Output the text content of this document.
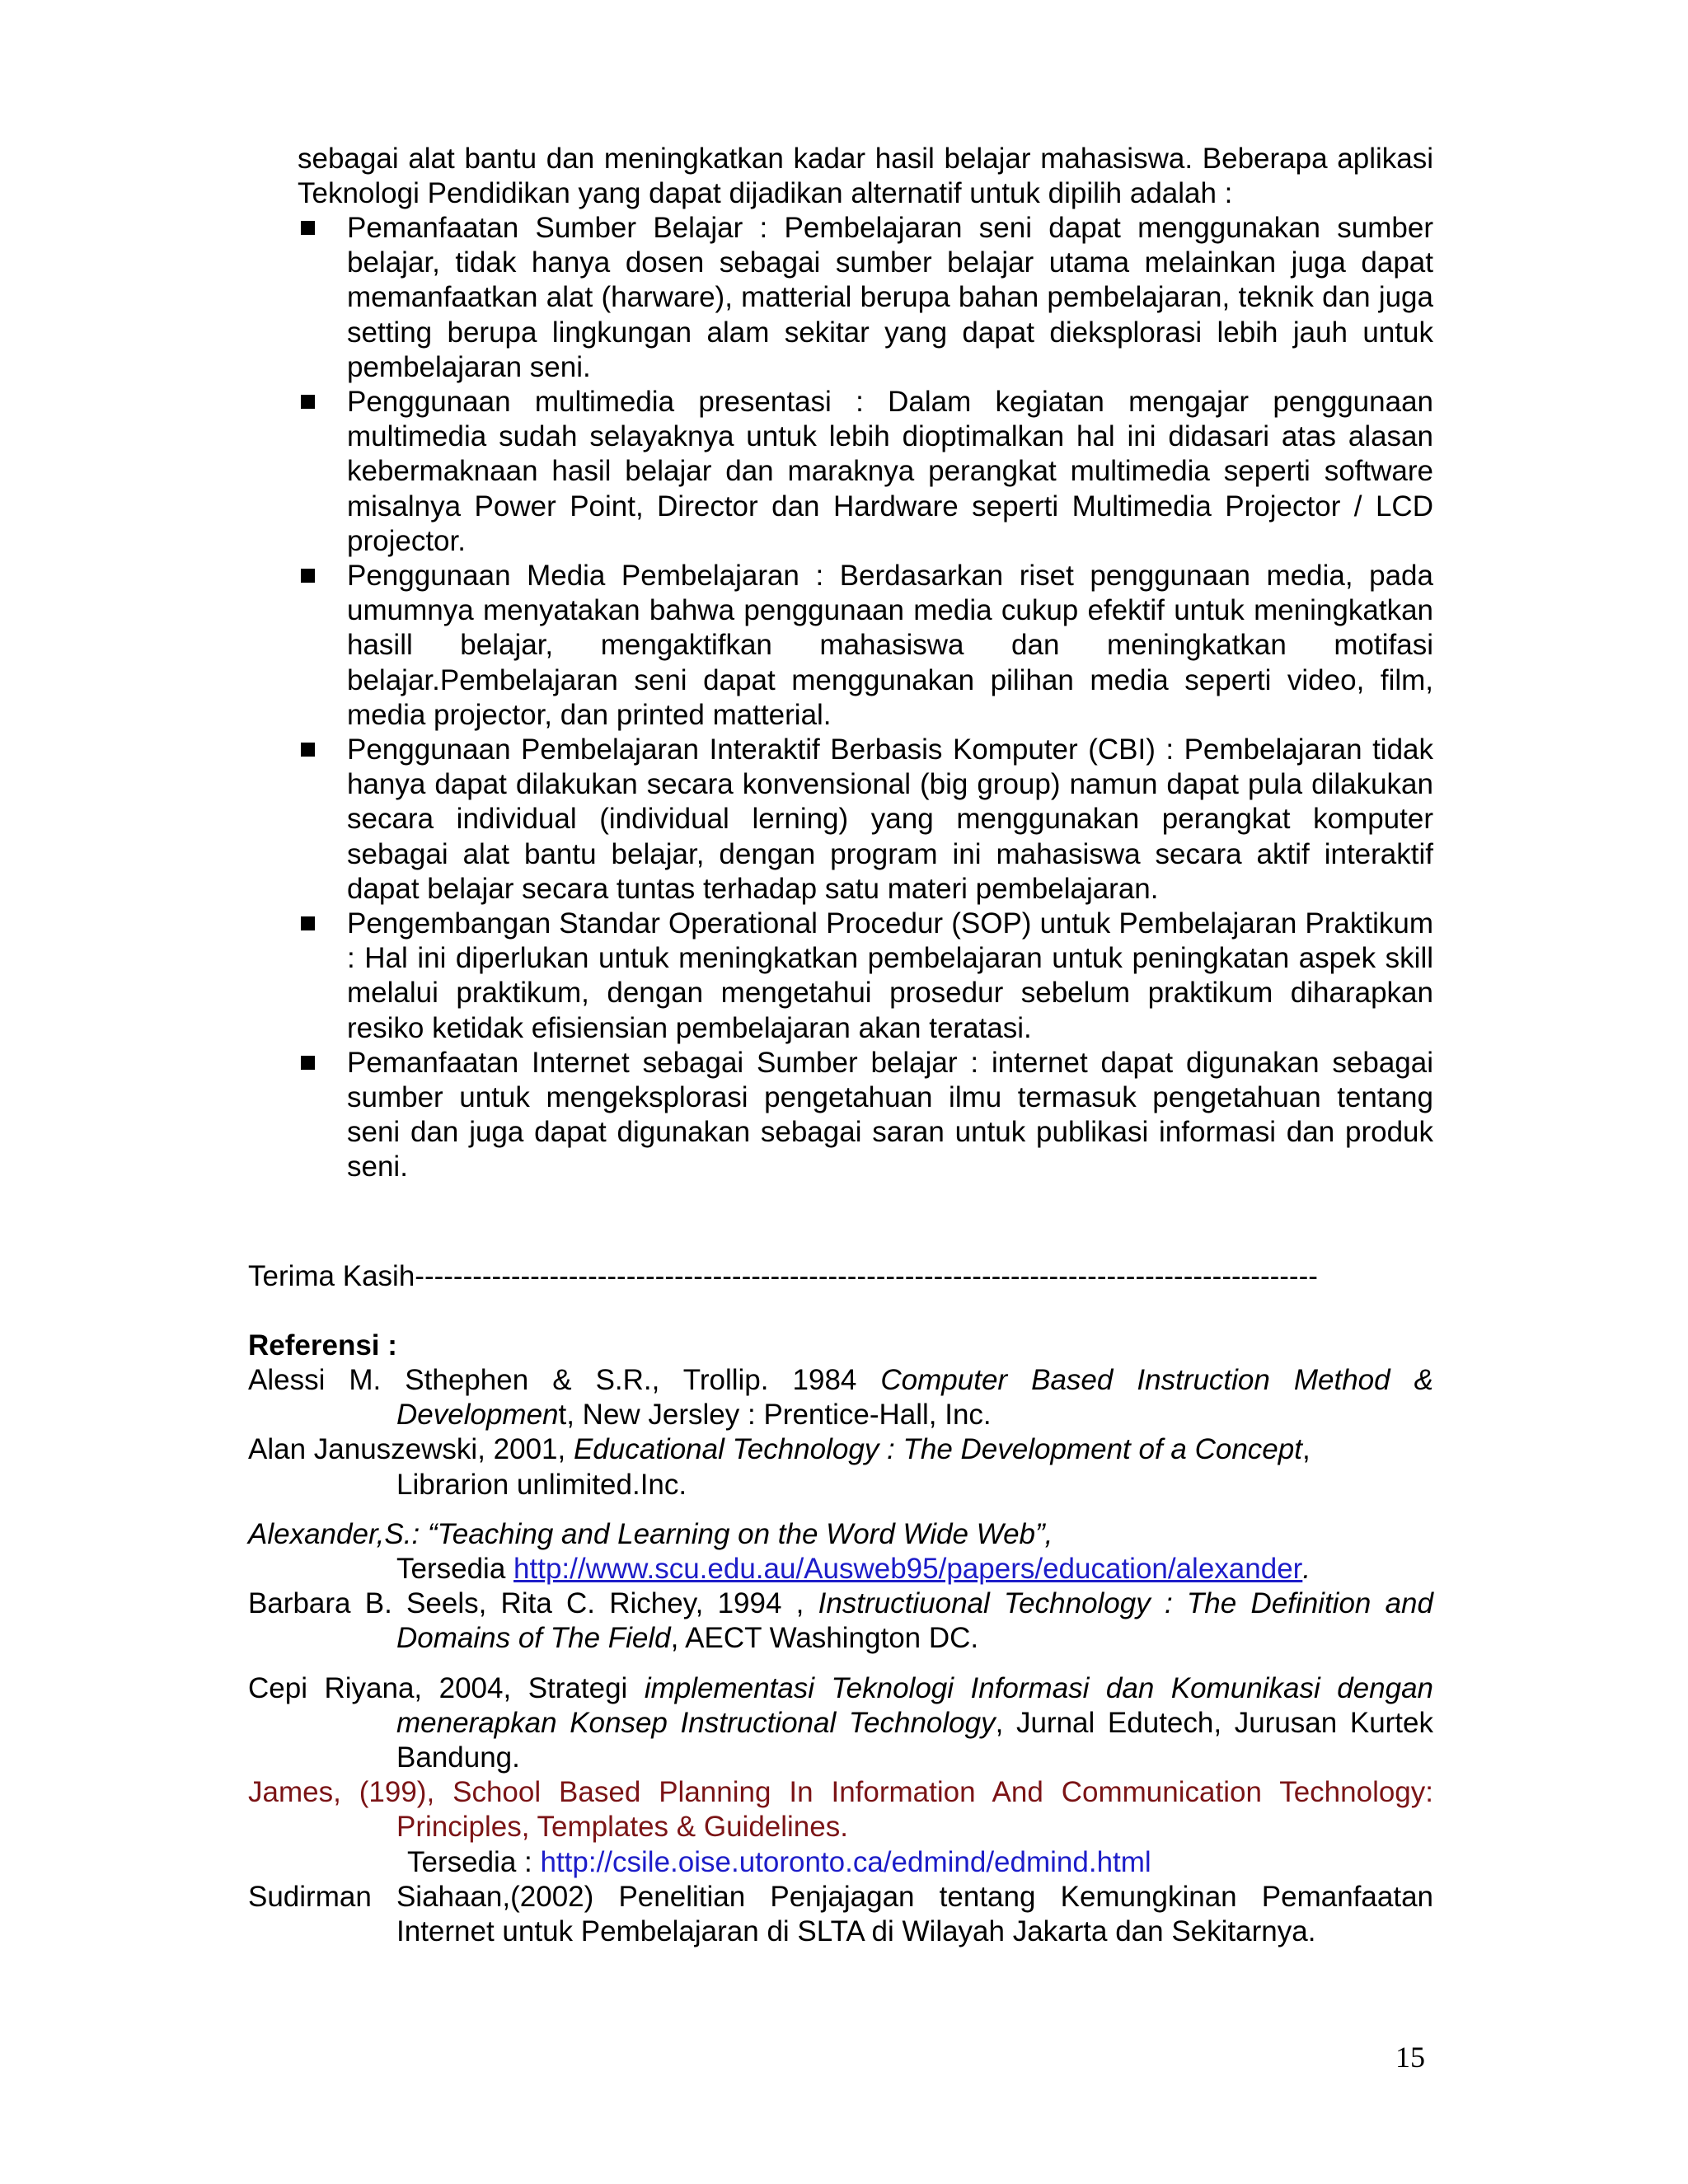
sebagai alat bantu dan meningkatkan kadar hasil belajar mahasiswa. Beberapa aplikasi Teknologi Pendidikan yang dapat dijadikan alternatif untuk dipilih adalah :

Pemanfaatan Sumber Belajar : Pembelajaran seni dapat menggunakan sumber belajar, tidak hanya dosen sebagai sumber belajar utama melainkan juga dapat memanfaatkan alat (harware), matterial berupa bahan pembelajaran, teknik dan juga setting berupa lingkungan alam sekitar yang dapat dieksplorasi lebih jauh untuk pembelajaran seni.
Penggunaan multimedia presentasi : Dalam kegiatan mengajar penggunaan multimedia sudah selayaknya untuk lebih dioptimalkan hal ini didasari atas alasan kebermaknaan hasil belajar dan maraknya perangkat multimedia seperti software misalnya Power Point, Director dan Hardware seperti Multimedia Projector / LCD projector.
Penggunaan Media Pembelajaran : Berdasarkan riset penggunaan media, pada umumnya menyatakan bahwa penggunaan media cukup efektif untuk meningkatkan hasill belajar, mengaktifkan mahasiswa dan meningkatkan motifasi belajar.Pembelajaran seni dapat menggunakan pilihan media seperti video, film, media projector, dan printed matterial.
Penggunaan Pembelajaran Interaktif Berbasis Komputer (CBI) : Pembelajaran tidak hanya dapat dilakukan secara konvensional (big group) namun dapat pula dilakukan secara individual (individual lerning) yang menggunakan perangkat komputer sebagai alat bantu belajar, dengan program ini mahasiswa secara aktif interaktif dapat belajar secara tuntas terhadap satu materi pembelajaran.
Pengembangan Standar Operational Procedur (SOP) untuk Pembelajaran Praktikum : Hal ini diperlukan untuk meningkatkan pembelajaran untuk peningkatan aspek skill melalui praktikum, dengan mengetahui prosedur sebelum praktikum diharapkan resiko ketidak efisiensian pembelajaran akan teratasi.
Pemanfaatan Internet sebagai Sumber belajar : internet dapat digunakan sebagai sumber untuk mengeksplorasi pengetahuan ilmu termasuk pengetahuan tentang seni dan juga dapat digunakan sebagai saran untuk publikasi informasi dan produk seni.
Terima Kasih----------------------------------------------------------------------------------------------
Referensi :
Alessi M. Sthephen & S.R., Trollip. 1984 Computer Based Instruction Method & Development, New Jersley : Prentice-Hall, Inc.
Alan Januszewski, 2001, Educational Technology : The Development of a Concept,
Librarion unlimited.Inc.
Alexander,S.: “Teaching and Learning on the Word Wide Web”,
Tersedia http://www.scu.edu.au/Ausweb95/papers/education/alexander.
Barbara B. Seels, Rita C. Richey, 1994 , Instructiuonal Technology : The Definition and Domains of The Field, AECT Washington DC.
Cepi Riyana, 2004, Strategi implementasi Teknologi Informasi dan Komunikasi dengan menerapkan Konsep Instructional Technology, Jurnal Edutech, Jurusan Kurtek Bandung.
James, (199), School Based Planning In Information And Communication Technology: Principles, Templates & Guidelines.
Tersedia : http://csile.oise.utoronto.ca/edmind/edmind.html
Sudirman Siahaan,(2002) Penelitian Penjajagan tentang Kemungkinan Pemanfaatan Internet untuk Pembelajaran di SLTA di Wilayah Jakarta dan Sekitarnya.
15
